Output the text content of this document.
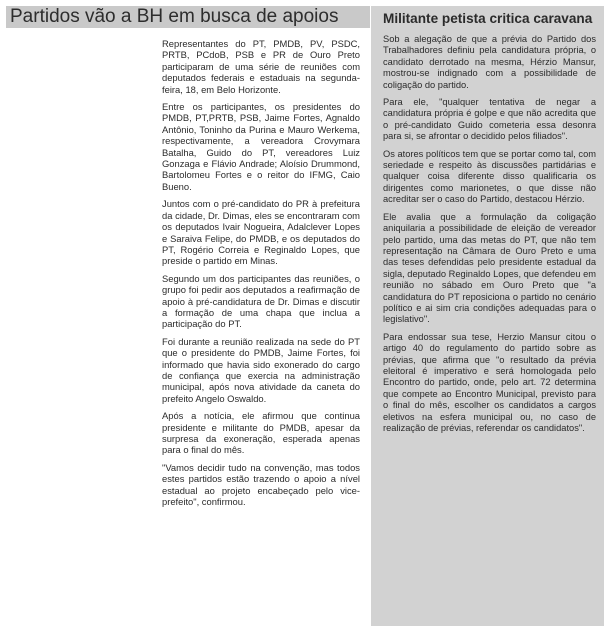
Partidos vão a BH em busca de apoios

Representantes do PT, PMDB, PV, PSDC, PRTB, PCdoB, PSB e PR de Ouro Preto participaram de uma série de reuniões com deputados federais e estaduais na segunda-feira, 18, em Belo Horizonte.

Entre os participantes, os presidentes do PMDB, PT,PRTB, PSB, Jaime Fortes, Agnaldo Antônio, Toninho da Purina e Mauro Werkema, respectivamente, a vereadora Crovymara Batalha, Guido do PT, vereadores Luiz Gonzaga e Flávio Andrade; Aloísio Drummond, Bartolomeu Fortes e o reitor do IFMG, Caio Bueno.

Juntos com o pré-candidato do PR à prefeitura da cidade, Dr. Dimas, eles se encontraram com os deputados Ivair Nogueira, Adalclever Lopes e Saraiva Felipe, do PMDB, e os deputados do PT, Rogério Correia e Reginaldo Lopes, que preside o partido em Minas.

Segundo um dos participantes das reuniões, o grupo foi pedir aos deputados a reafirmação de apoio à pré-candidatura de Dr. Dimas e discutir a formação de uma chapa que inclua a participação do PT.

Foi durante a reunião realizada na sede do PT que o presidente do PMDB, Jaime Fortes, foi informado que havia sido exonerado do cargo de confiança que exercia na administração municipal, após nova atividade da caneta do prefeito Angelo Oswaldo.

Após a notícia, ele afirmou que continua presidente e militante do PMDB, apesar da surpresa da exoneração, esperada apenas para o final do mês.

"Vamos decidir tudo na convenção, mas todos estes partidos estão trazendo o apoio a nível estadual ao projeto encabeçado pelo vice-prefeito", confirmou.

Militante petista critica caravana

Sob a alegação de que a prévia do Partido dos Trabalhadores definiu pela candidatura própria, o candidato derrotado na mesma, Hérzio Mansur, mostrou-se indignado com a possibilidade de coligação do partido.

Para ele, "qualquer tentativa de negar a candidatura própria é golpe e que não acredita que o pré-candidato Guido cometeria essa desonra para si, se afrontar o decidido pelos filiados".

Os atores políticos tem que se portar como tal, com seriedade e respeito às discussões partidárias e qualquer coisa diferente disso qualificaria os dirigentes como marionetes, o que disse não acreditar ser o caso do Partido, destacou Hérzio.

Ele avalia que a formulação da coligação aniquilaria a possibilidade de eleição de vereador pelo partido, uma das metas do PT, que não tem representação na Câmara de Ouro Preto e uma das teses defendidas pelo presidente estadual da sigla, deputado Reginaldo Lopes, que defendeu em reunião no sábado em Ouro Preto que "a candidatura do PT reposiciona o partido no cenário político e ai sim cria condições adequadas para o legislativo".

Para endossar sua tese, Herzio Mansur citou o artigo 40 do regulamento do partido sobre as prévias, que afirma que "o resultado da prévia eleitoral é imperativo e será homologada pelo Encontro do partido, onde, pelo art. 72 determina que compete ao Encontro Municipal, previsto para o final do mês, escolher os candidatos a cargos eletivos na esfera municipal ou, no caso de realização de prévias, referendar os candidatos".
